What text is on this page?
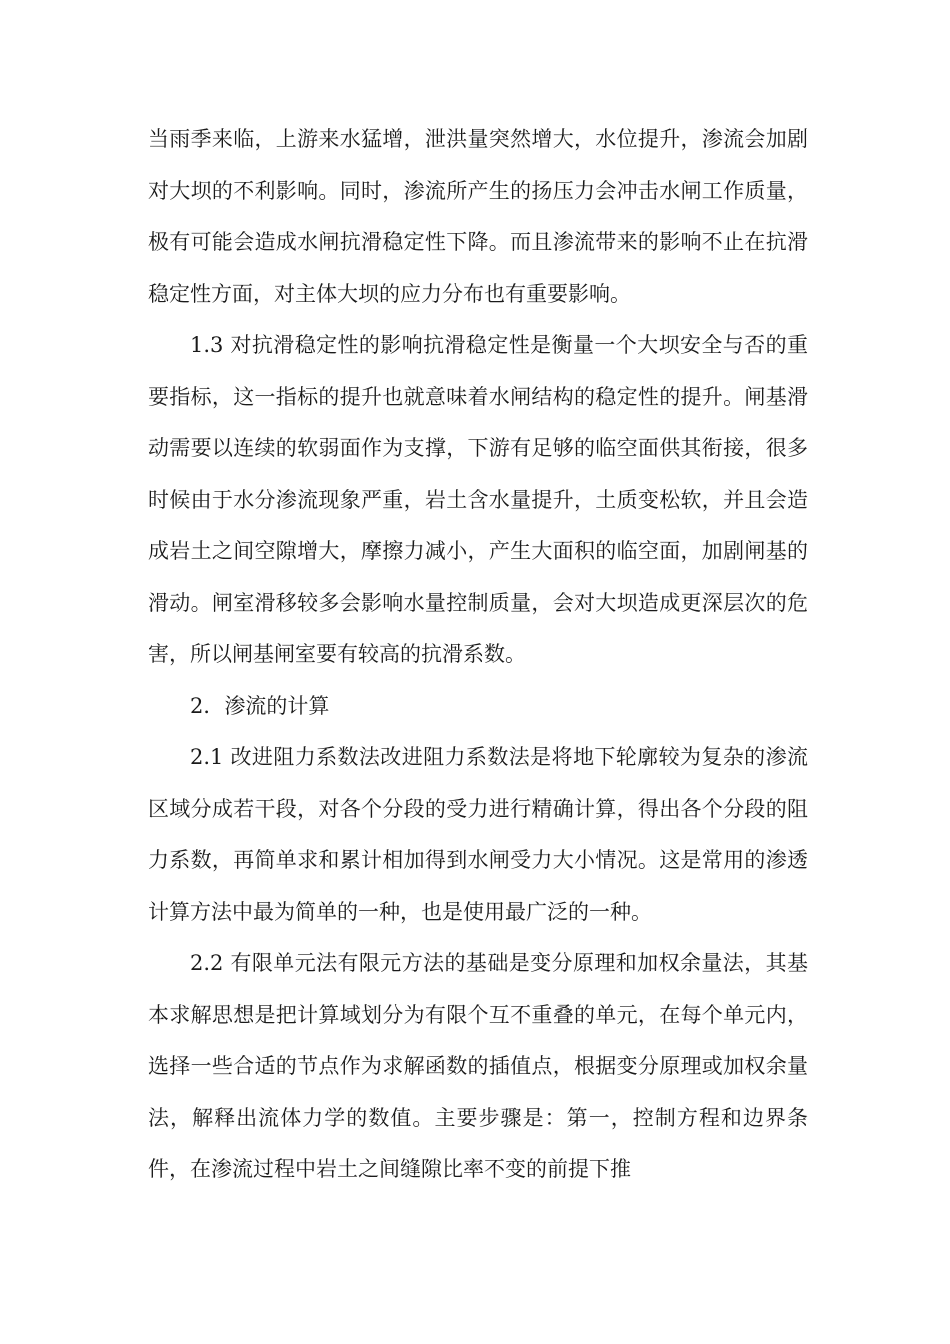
当雨季来临，上游来水猛增，泄洪量突然增大，水位提升，渗流会加剧对大坝的不利影响。同时，渗流所产生的扬压力会冲击水闸工作质量，极有可能会造成水闸抗滑稳定性下降。而且渗流带来的影响不止在抗滑稳定性方面，对主体大坝的应力分布也有重要影响。

1.3 对抗滑稳定性的影响抗滑稳定性是衡量一个大坝安全与否的重要指标，这一指标的提升也就意味着水闸结构的稳定性的提升。闸基滑动需要以连续的软弱面作为支撑，下游有足够的临空面供其衔接，很多时候由于水分渗流现象严重，岩土含水量提升，土质变松软，并且会造成岩土之间空隙增大，摩擦力减小，产生大面积的临空面，加剧闸基的滑动。闸室滑移较多会影响水量控制质量，会对大坝造成更深层次的危害，所以闸基闸室要有较高的抗滑系数。

2．渗流的计算

2.1 改进阻力系数法改进阻力系数法是将地下轮廓较为复杂的渗流区域分成若干段，对各个分段的受力进行精确计算，得出各个分段的阻力系数，再简单求和累计相加得到水闸受力大小情况。这是常用的渗透计算方法中最为简单的一种，也是使用最广泛的一种。

2.2 有限单元法有限元方法的基础是变分原理和加权余量法，其基本求解思想是把计算域划分为有限个互不重叠的单元，在每个单元内，选择一些合适的节点作为求解函数的插值点，根据变分原理或加权余量法，解释出流体力学的数值。主要步骤是：第一，控制方程和边界条件，在渗流过程中岩土之间缝隙比率不变的前提下推
